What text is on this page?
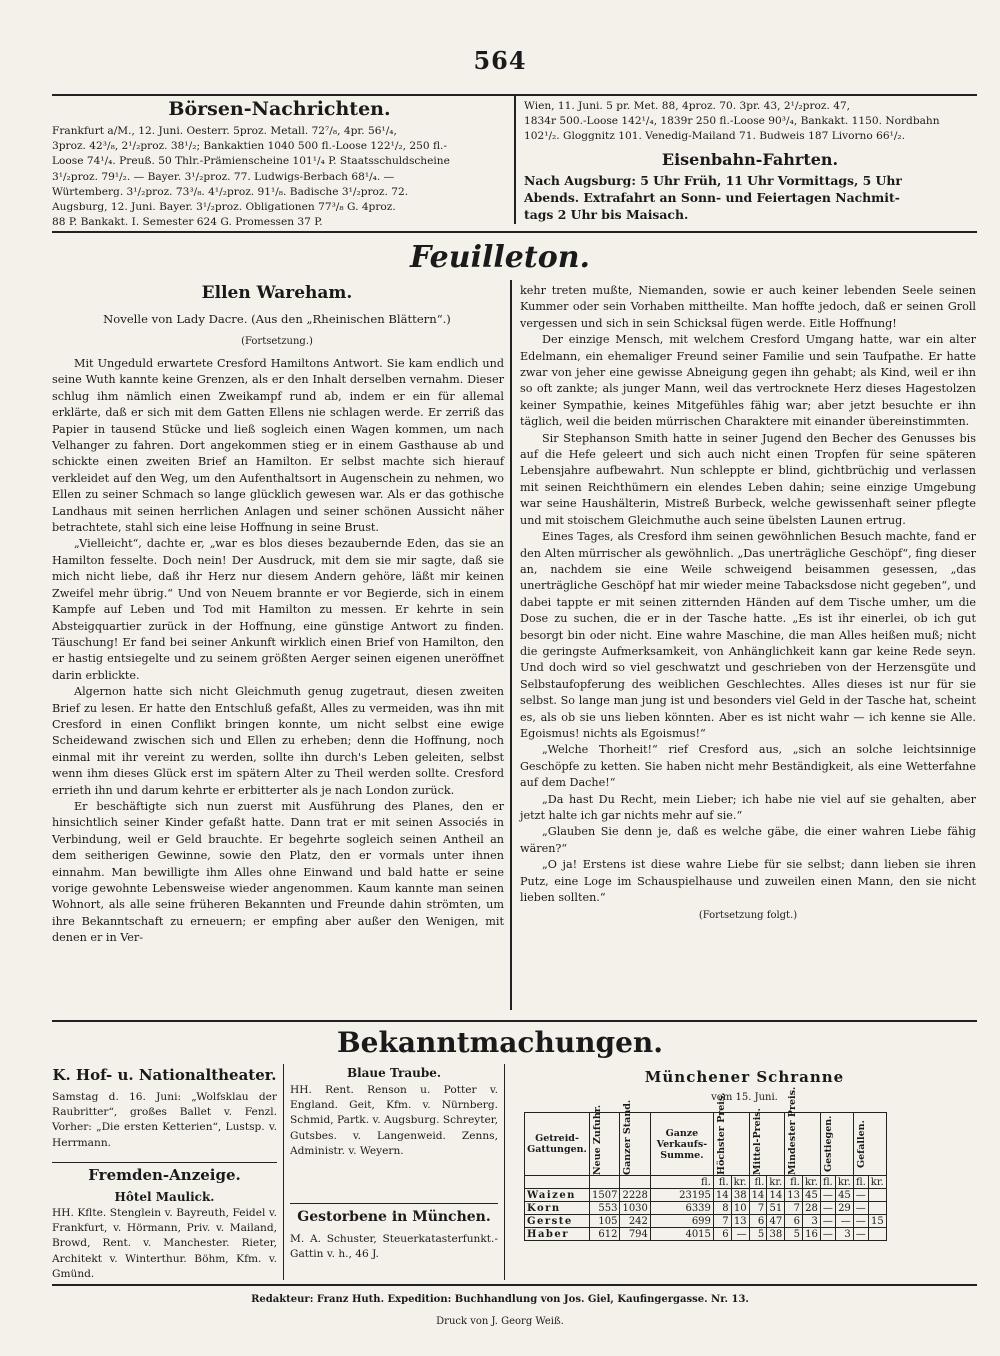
564
Börsen-Nachrichten.

Frankfurt a/M., 12. Juni. Oesterr. 5proz. Metall. 72⁷/₈, 4pr. 56¹/₄,

3proz. 42³/₈, 2¹/₂proz. 38¹/₂; Bankaktien 1040 500 fl.-Loose 122¹/₂, 250 fl.-

Loose 74¹/₄. Preuß. 50 Thlr.-Prämienscheine 101¹/₄ P. Staatsschuldscheine

3¹/₂proz. 79¹/₂. — Bayer. 3¹/₂proz. 77. Ludwigs-Berbach 68¹/₄. —

Würtemberg. 3¹/₂proz. 73³/₈. 4¹/₂proz. 91¹/₈. Badische 3¹/₂proz. 72.

Augsburg, 12. Juni. Bayer. 3¹/₂proz. Obligationen 77³/₈ G. 4proz.

88 P. Bankakt. I. Semester 624 G. Promessen 37 P.

Wien, 11. Juni. 5 pr. Met. 88, 4proz. 70. 3pr. 43, 2¹/₂proz. 47,

1834r 500.-Loose 142¹/₄, 1839r 250 fl.-Loose 90³/₄, Bankakt. 1150. Nordbahn

102¹/₂. Gloggnitz 101. Venedig-Mailand 71. Budweis 187 Livorno 66¹/₂.

Eisenbahn-Fahrten.
Nach Augsburg: 5 Uhr Früh, 11 Uhr Vormittags, 5 Uhr
Abends. Extrafahrt an Sonn- und Feiertagen Nachmit-
tags 2 Uhr bis Maisach.
Feuilleton.
Ellen Wareham.
Novelle von Lady Dacre. (Aus den „Rheinischen Blättern“.)
(Fortsetzung.)

Mit Ungeduld erwartete Cresford Hamiltons Antwort. Sie kam endlich und seine Wuth kannte keine Grenzen, als er den Inhalt derselben vernahm. Dieser schlug ihm nämlich einen Zweikampf rund ab, indem er ein für allemal erklärte, daß er sich mit dem Gatten Ellens nie schlagen werde. Er zerriß das Papier in tausend Stücke und ließ sogleich einen Wagen kommen, um nach Velhanger zu fahren. Dort angekommen stieg er in einem Gasthause ab und schickte einen zweiten Brief an Hamilton. Er selbst machte sich hierauf verkleidet auf den Weg, um den Aufenthaltsort in Augenschein zu nehmen, wo Ellen zu seiner Schmach so lange glücklich gewesen war. Als er das gothische Landhaus mit seinen herrlichen Anlagen und seiner schönen Aussicht näher betrachtete, stahl sich eine leise Hoffnung in seine Brust.

„Vielleicht“, dachte er, „war es blos dieses bezaubernde Eden, das sie an Hamilton fesselte. Doch nein! Der Ausdruck, mit dem sie mir sagte, daß sie mich nicht liebe, daß ihr Herz nur diesem Andern gehöre, läßt mir keinen Zweifel mehr übrig.“ Und von Neuem brannte er vor Begierde, sich in einem Kampfe auf Leben und Tod mit Hamilton zu messen. Er kehrte in sein Absteigquartier zurück in der Hoffnung, eine günstige Antwort zu finden. Täuschung! Er fand bei seiner Ankunft wirklich einen Brief von Hamilton, den er hastig entsiegelte und zu seinem größten Aerger seinen eigenen uneröffnet darin erblickte.

Algernon hatte sich nicht Gleichmuth genug zugetraut, diesen zweiten Brief zu lesen. Er hatte den Entschluß gefaßt, Alles zu vermeiden, was ihn mit Cresford in einen Conflikt bringen konnte, um nicht selbst eine ewige Scheidewand zwischen sich und Ellen zu erheben; denn die Hoffnung, noch einmal mit ihr vereint zu werden, sollte ihn durch's Leben geleiten, selbst wenn ihm dieses Glück erst im spätern Alter zu Theil werden sollte. Cresford errieth ihn und darum kehrte er erbitterter als je nach London zurück.

Er beschäftigte sich nun zuerst mit Ausführung des Planes, den er hinsichtlich seiner Kinder gefaßt hatte. Dann trat er mit seinen Associés in Verbindung, weil er Geld brauchte. Er begehrte sogleich seinen Antheil an dem seitherigen Gewinne, sowie den Platz, den er vormals unter ihnen einnahm. Man bewilligte ihm Alles ohne Einwand und bald hatte er seine vorige gewohnte Lebensweise wieder angenommen. Kaum kannte man seinen Wohnort, als alle seine früheren Bekannten und Freunde dahin strömten, um ihre Bekanntschaft zu erneuern; er empfing aber außer den Wenigen, mit denen er in Ver-

kehr treten mußte, Niemanden, sowie er auch keiner lebenden Seele seinen Kummer oder sein Vorhaben mittheilte. Man hoffte jedoch, daß er seinen Groll vergessen und sich in sein Schicksal fügen werde. Eitle Hoffnung!

Der einzige Mensch, mit welchem Cresford Umgang hatte, war ein alter Edelmann, ein ehemaliger Freund seiner Familie und sein Taufpathe. Er hatte zwar von jeher eine gewisse Abneigung gegen ihn gehabt; als Kind, weil er ihn so oft zankte; als junger Mann, weil das vertrocknete Herz dieses Hagestolzen keiner Sympathie, keines Mitgefühles fähig war; aber jetzt besuchte er ihn täglich, weil die beiden mürrischen Charaktere mit einander übereinstimmten.

Sir Stephanson Smith hatte in seiner Jugend den Becher des Genusses bis auf die Hefe geleert und sich auch nicht einen Tropfen für seine späteren Lebensjahre aufbewahrt. Nun schleppte er blind, gichtbrüchig und verlassen mit seinen Reichthümern ein elendes Leben dahin; seine einzige Umgebung war seine Haushälterin, Mistreß Burbeck, welche gewissenhaft seiner pflegte und mit stoischem Gleichmuthe auch seine übelsten Launen ertrug.

Eines Tages, als Cresford ihm seinen gewöhnlichen Besuch machte, fand er den Alten mürrischer als gewöhnlich. „Das unerträgliche Geschöpf“, fing dieser an, nachdem sie eine Weile schweigend beisammen gesessen, „das unerträgliche Geschöpf hat mir wieder meine Tabacksdose nicht gegeben“, und dabei tappte er mit seinen zitternden Händen auf dem Tische umher, um die Dose zu suchen, die er in der Tasche hatte. „Es ist ihr einerlei, ob ich gut besorgt bin oder nicht. Eine wahre Maschine, die man Alles heißen muß; nicht die geringste Aufmerksamkeit, von Anhänglichkeit kann gar keine Rede seyn. Und doch wird so viel geschwatzt und geschrieben von der Herzensgüte und Selbstaufopferung des weiblichen Geschlechtes. Alles dieses ist nur für sie selbst. So lange man jung ist und besonders viel Geld in der Tasche hat, scheint es, als ob sie uns lieben könnten. Aber es ist nicht wahr — ich kenne sie Alle. Egoismus! nichts als Egoismus!“

„Welche Thorheit!“ rief Cresford aus, „sich an solche leichtsinnige Geschöpfe zu ketten. Sie haben nicht mehr Beständigkeit, als eine Wetterfahne auf dem Dache!“

„Da hast Du Recht, mein Lieber; ich habe nie viel auf sie gehalten, aber jetzt halte ich gar nichts mehr auf sie.“

„Glauben Sie denn je, daß es welche gäbe, die einer wahren Liebe fähig wären?“

„O ja! Erstens ist diese wahre Liebe für sie selbst; dann lieben sie ihren Putz, eine Loge im Schauspielhause und zuweilen einen Mann, den sie nicht lieben sollten.“

(Fortsetzung folgt.)
Bekanntmachungen.
K. Hof- u. Nationaltheater.
Samstag d. 16. Juni: „Wolfsklau der Raubritter“, großes Ballet v. Fenzl. Vorher: „Die ersten Ketterien“, Lustsp. v. Herrmann.
Fremden-Anzeige.
Hôtel Maulick.
HH. Kflte. Stenglein v. Bayreuth, Feidel v. Frankfurt, v. Hörmann, Priv. v. Mailand, Browd, Rent. v. Manchester. Rieter, Architekt v. Winterthur. Böhm, Kfm. v. Gmünd.
Blaue Traube.
HH. Rent. Renson u. Potter v. England. Geit, Kfm. v. Nürnberg. Schmid, Partk. v. Augsburg. Schreyter, Gutsbes. v. Langenweid. Zenns, Administr. v. Weyern.
Gestorbene in München.
M. A. Schuster, Steuerkatasterfunkt.-Gattin v. h., 46 J.
Münchener Schranne
vom 15. Juni.
Getreid-Gattungen.	Neue Zufuhr.	Ganzer Stand.	Ganze Verkaufs-Summe.	Höchster Preis.		Mittel-Preis.		Mindester Preis.		Gestiegen.		Gefallen.	

			fl.	fl.	kr.	fl.	kr.	fl.	kr.	fl.	kr.	fl.	kr.
Waizen	1507	2228	23195	14	38	14	14	13	45	—	45	—	
Korn	553	1030	6339	8	10	7	51	7	28	—	29	—	
Gerste	105	242	699	7	13	6	47	6	3	—	—	—	15
Haber	612	794	4015	6	—	5	38	5	16	—	3	—	
Redakteur: Franz Huth. Expedition: Buchhandlung von Jos. Giel, Kaufingergasse. Nr. 13.
Druck von J. Georg Weiß.
